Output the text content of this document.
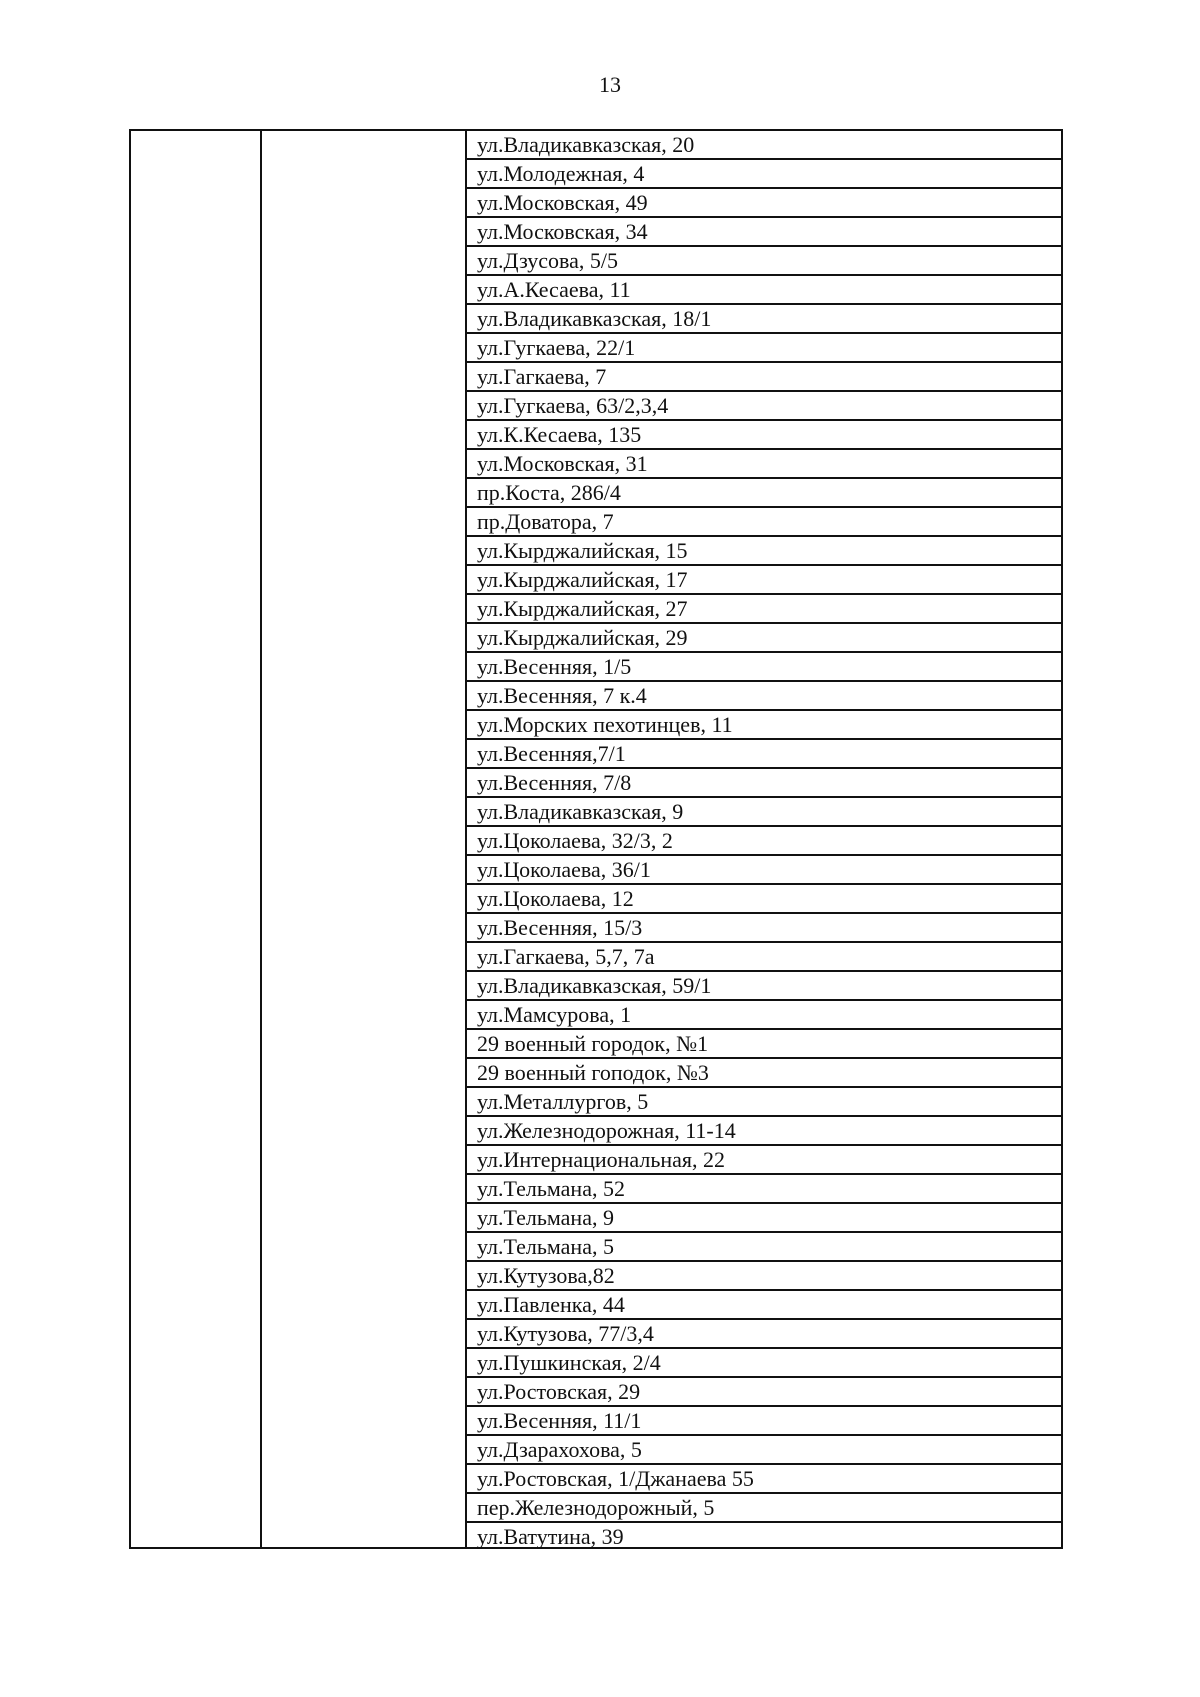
13
ул.Владикавказская, 20
ул.Молодежная, 4
ул.Московская, 49
ул.Московская, 34
ул.Дзусова, 5/5
ул.А.Кесаева, 11
ул.Владикавказская, 18/1
ул.Гугкаева, 22/1
ул.Гагкаева, 7
ул.Гугкаева, 63/2,3,4
ул.К.Кесаева, 135
ул.Московская, 31
пр.Коста, 286/4
пр.Доватора, 7
ул.Кырджалийская, 15
ул.Кырджалийская, 17
ул.Кырджалийская, 27
ул.Кырджалийская, 29
ул.Весенняя, 1/5
ул.Весенняя, 7 к.4
ул.Морских пехотинцев, 11
ул.Весенняя,7/1
ул.Весенняя, 7/8
ул.Владикавказская, 9
ул.Цоколаева, 32/3, 2
ул.Цоколаева, 36/1
ул.Цоколаева, 12
ул.Весенняя, 15/3
ул.Гагкаева, 5,7, 7а
ул.Владикавказская, 59/1
ул.Мамсурова, 1
29 военный городок, №1
29 военный гоподок, №3
ул.Металлургов, 5
ул.Железнодорожная, 11-14
ул.Интернациональная, 22
ул.Тельмана, 52
ул.Тельмана, 9
ул.Тельмана, 5
ул.Кутузова,82
ул.Павленка, 44
ул.Кутузова, 77/3,4
ул.Пушкинская, 2/4
ул.Ростовская, 29
ул.Весенняя, 11/1
ул.Дзарахохова, 5
ул.Ростовская, 1/Джанаева 55
пер.Железнодорожный, 5
ул.Ватутина, 39
